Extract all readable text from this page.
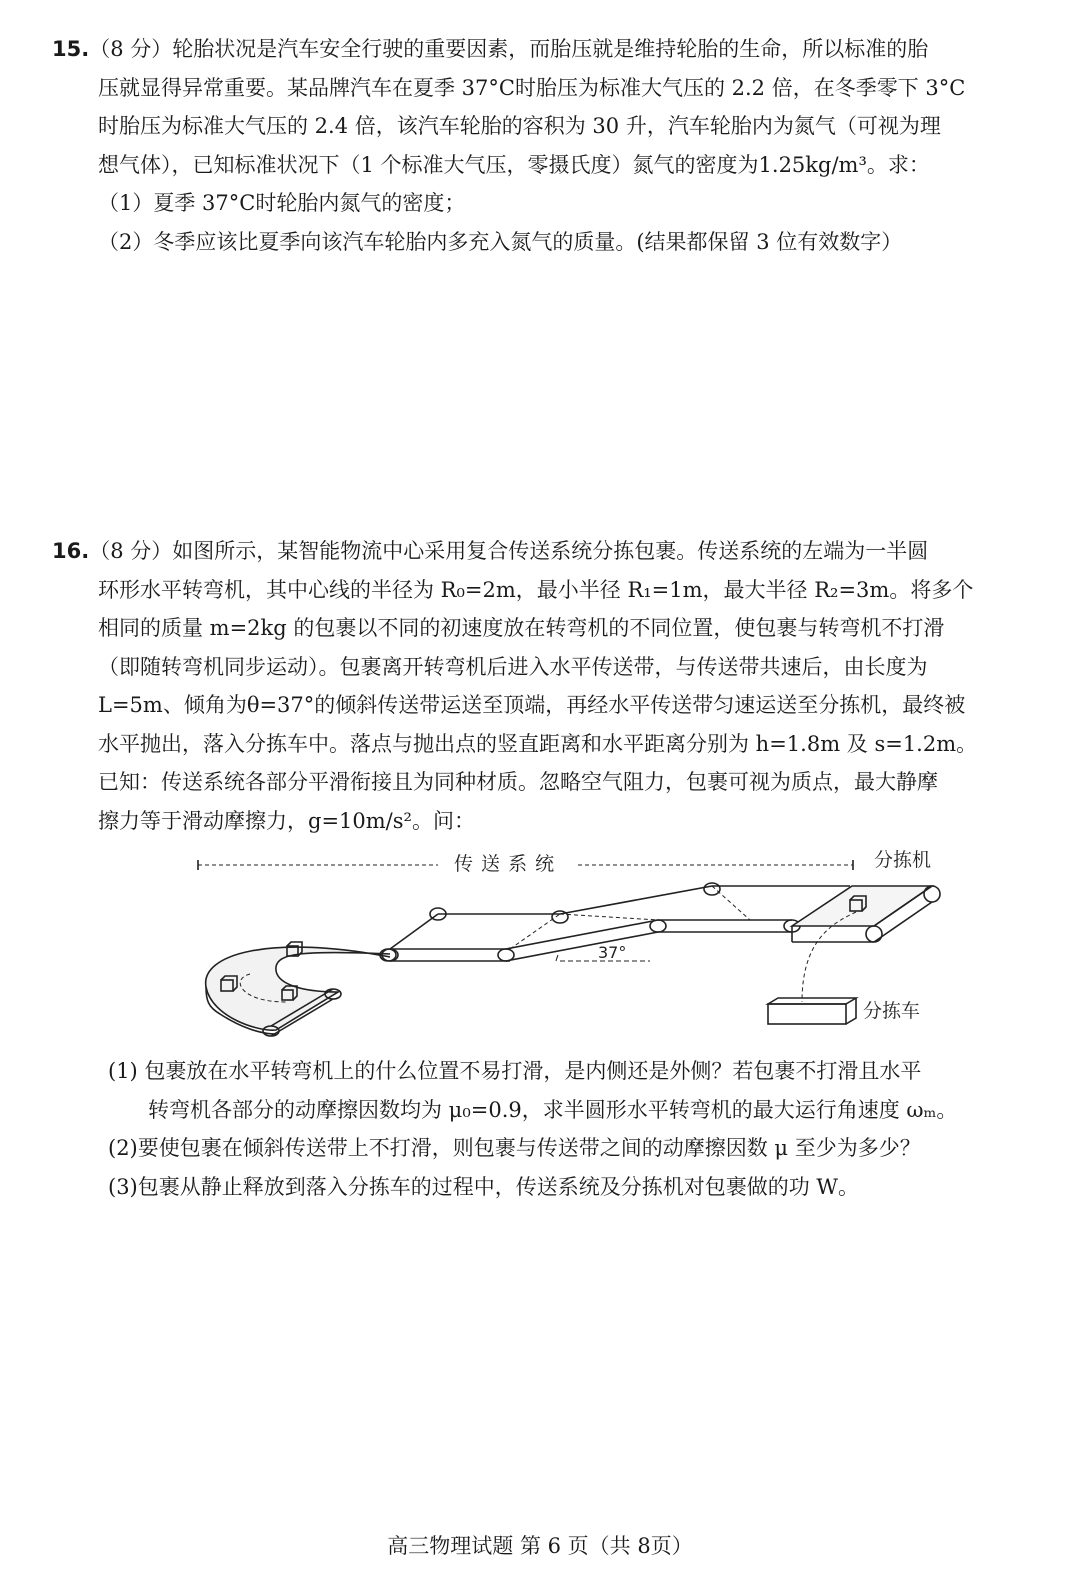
15.（8 分）轮胎状况是汽车安全行驶的重要因素，而胎压就是维持轮胎的生命，所以标准的胎

压就显得异常重要。某品牌汽车在夏季 37°C时胎压为标准大气压的 2.2 倍，在冬季零下 3°C

时胎压为标准大气压的 2.4 倍，该汽车轮胎的容积为 30 升，汽车轮胎内为氮气（可视为理

想气体），已知标准状况下（1 个标准大气压，零摄氏度）氮气的密度为1.25kg/m³。求：

（1）夏季 37°C时轮胎内氮气的密度；

（2）冬季应该比夏季向该汽车轮胎内多充入氮气的质量。(结果都保留 3 位有效数字）

16.（8 分）如图所示，某智能物流中心采用复合传送系统分拣包裹。传送系统的左端为一半圆

环形水平转弯机，其中心线的半径为 R₀=2m，最小半径 R₁=1m，最大半径 R₂=3m。将多个

相同的质量 m=2kg 的包裹以不同的初速度放在转弯机的不同位置，使包裹与转弯机不打滑

（即随转弯机同步运动）。包裹离开转弯机后进入水平传送带，与传送带共速后，由长度为

L=5m、倾角为θ=37°的倾斜传送带运送至顶端，再经水平传送带匀速运送至分拣机，最终被

水平抛出，落入分拣车中。落点与抛出点的竖直距离和水平距离分别为 h=1.8m 及 s=1.2m。

已知：传送系统各部分平滑衔接且为同种材质。忽略空气阻力，包裹可视为质点，最大静摩

擦力等于滑动摩擦力，g=10m/s²。问：

传 送 系 统	分拣机
37°
分拣车

(1) 包裹放在水平转弯机上的什么位置不易打滑，是内侧还是外侧？若包裹不打滑且水平

转弯机各部分的动摩擦因数均为 μ₀=0.9，求半圆形水平转弯机的最大运行角速度 ωₘ。

(2)要使包裹在倾斜传送带上不打滑，则包裹与传送带之间的动摩擦因数 μ 至少为多少？

(3)包裹从静止释放到落入分拣车的过程中，传送系统及分拣机对包裹做的功 W。

高三物理试题 第 6 页（共 8页）
